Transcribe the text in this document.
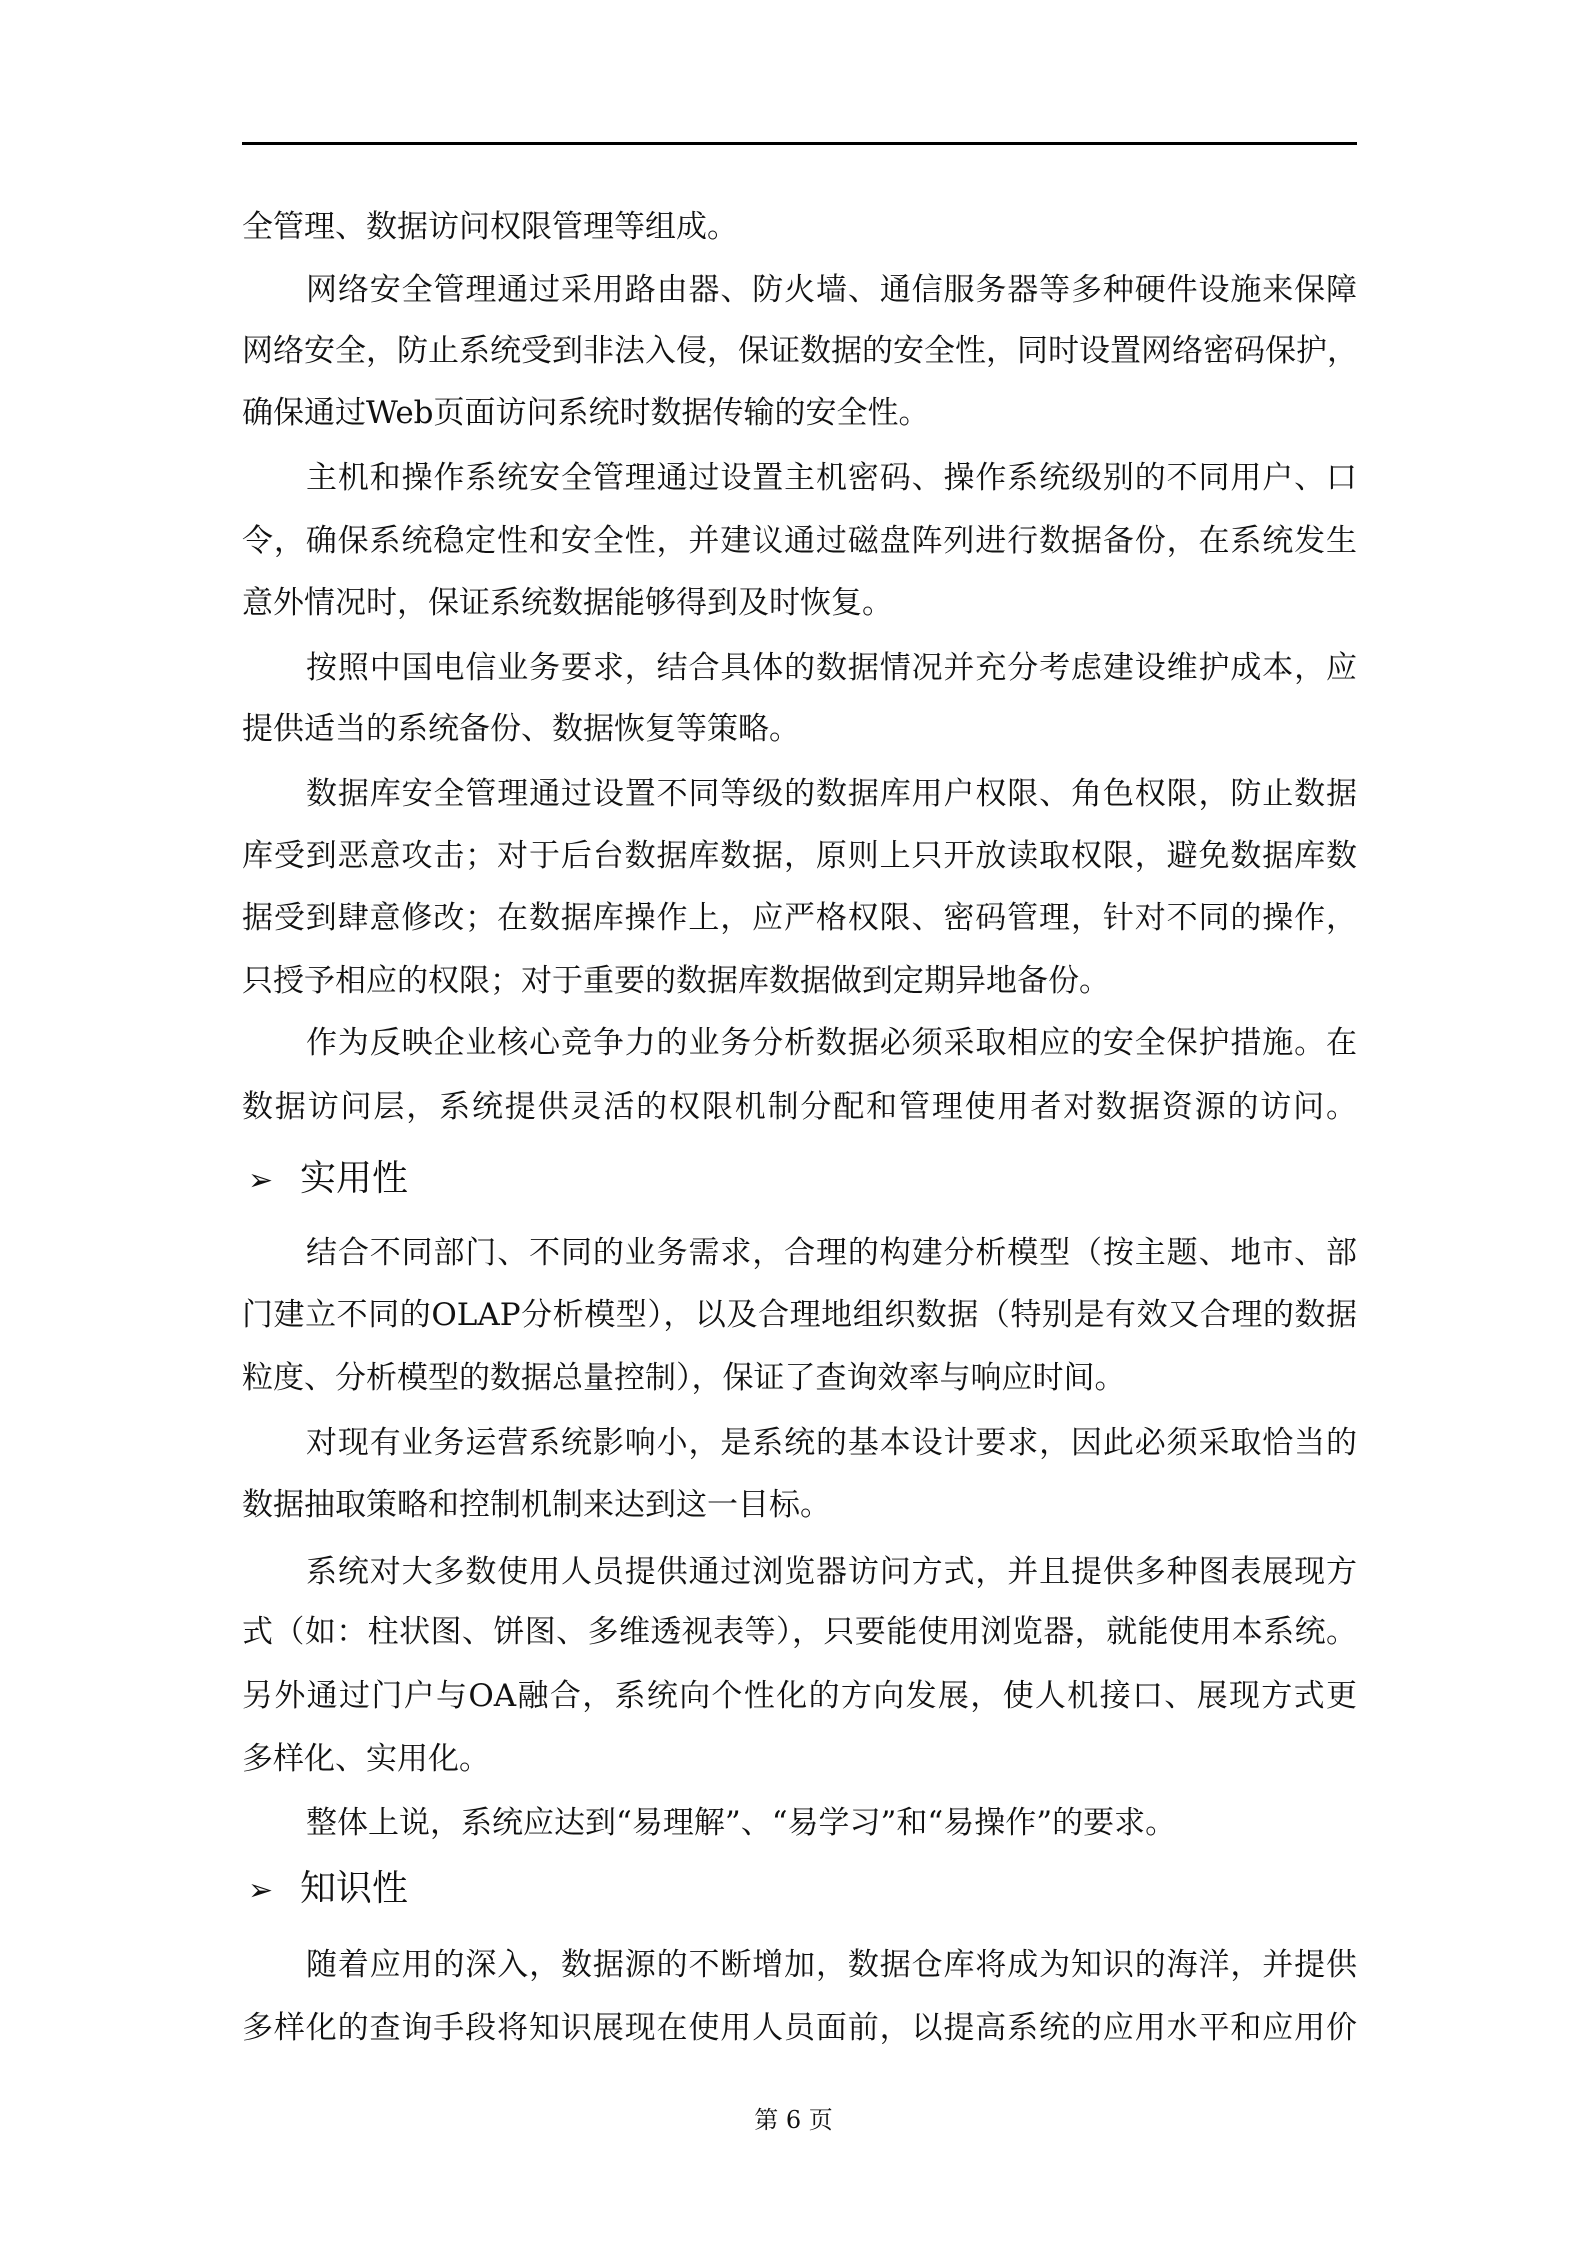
全管理、数据访问权限管理等组成。
网络安全管理通过采用路由器、防火墙、通信服务器等多种硬件设施来保障
网络安全，防止系统受到非法入侵，保证数据的安全性，同时设置网络密码保护，
确保通过Web页面访问系统时数据传输的安全性。
主机和操作系统安全管理通过设置主机密码、操作系统级别的不同用户、口
令，确保系统稳定性和安全性，并建议通过磁盘阵列进行数据备份，在系统发生
意外情况时，保证系统数据能够得到及时恢复。
按照中国电信业务要求，结合具体的数据情况并充分考虑建设维护成本，应
提供适当的系统备份、数据恢复等策略。
数据库安全管理通过设置不同等级的数据库用户权限、角色权限，防止数据
库受到恶意攻击；对于后台数据库数据，原则上只开放读取权限，避免数据库数
据受到肆意修改；在数据库操作上，应严格权限、密码管理，针对不同的操作，
只授予相应的权限；对于重要的数据库数据做到定期异地备份。
作为反映企业核心竞争力的业务分析数据必须采取相应的安全保护措施。在
数据访问层，系统提供灵活的权限机制分配和管理使用者对数据资源的访问。
➢ 实用性
结合不同部门、不同的业务需求，合理的构建分析模型（按主题、地市、部
门建立不同的OLAP分析模型），以及合理地组织数据（特别是有效又合理的数据
粒度、分析模型的数据总量控制），保证了查询效率与响应时间。
对现有业务运营系统影响小，是系统的基本设计要求，因此必须采取恰当的
数据抽取策略和控制机制来达到这一目标。
系统对大多数使用人员提供通过浏览器访问方式，并且提供多种图表展现方
式（如：柱状图、饼图、多维透视表等），只要能使用浏览器，就能使用本系统。
另外通过门户与OA融合，系统向个性化的方向发展，使人机接口、展现方式更
多样化、实用化。
整体上说，系统应达到“易理解”、“易学习”和“易操作”的要求。
➢ 知识性
随着应用的深入，数据源的不断增加，数据仓库将成为知识的海洋，并提供
多样化的查询手段将知识展现在使用人员面前，以提高系统的应用水平和应用价
第 6 页
